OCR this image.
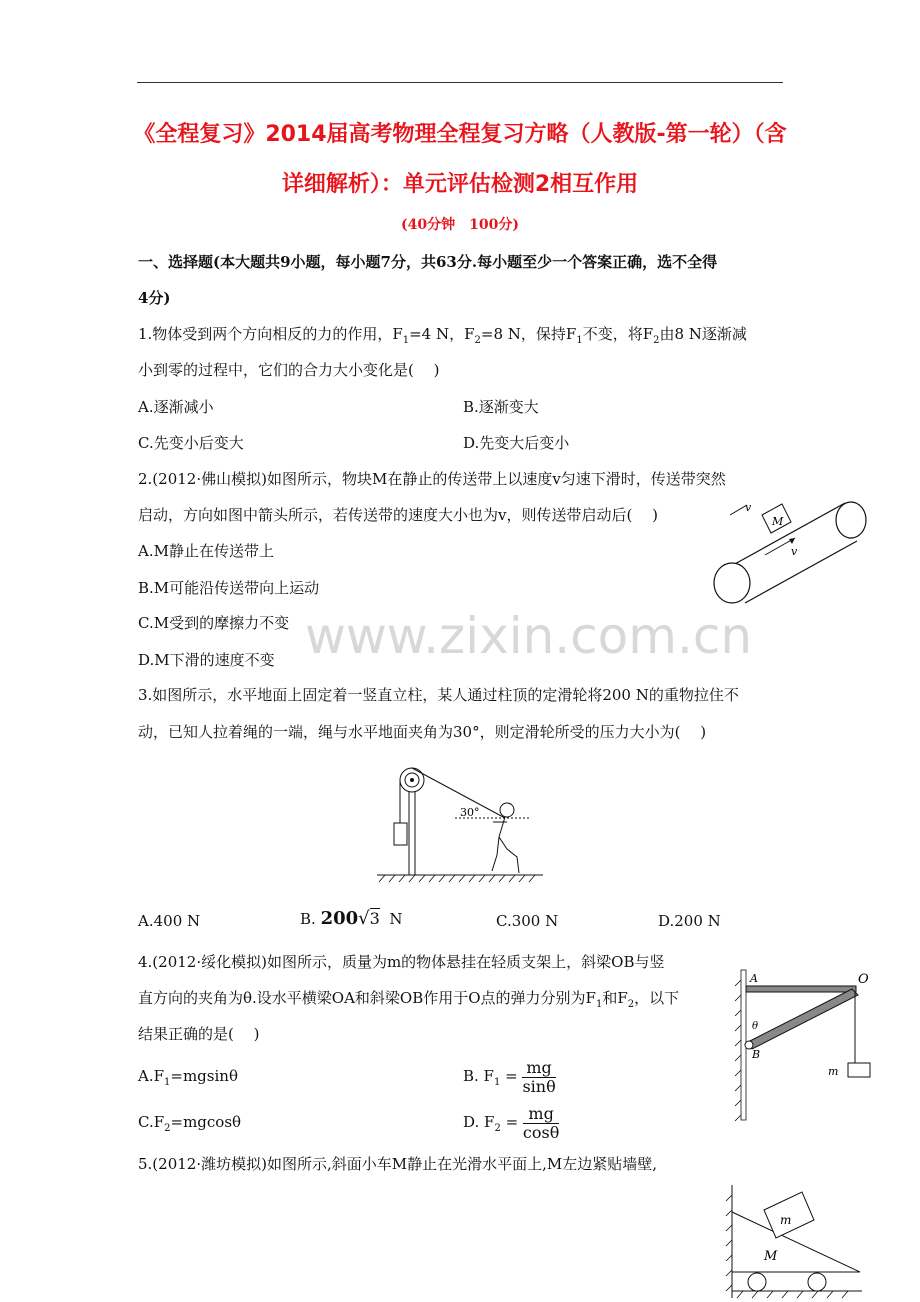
《全程复习》2014届高考物理全程复习方略（人教版-第一轮）（含
详细解析）：单元评估检测2相互作用
(40分钟　100分)
www.zixin.com.cn
一、选择题(本大题共9小题，每小题7分，共63分.每小题至少一个答案正确，选不全得
4分)
1.物体受到两个方向相反的力的作用，$F_1=4$ N，$F_2=8$ N，保持$F_1$不变，将$F_2$由8 N逐渐减
小到零的过程中，它们的合力大小变化是(　 )
A.逐渐减小	B.逐渐变大
C.先变小后变大	D.先变大后变小
2.(2012·佛山模拟)如图所示，物块M在静止的传送带上以速度v匀速下滑时，传送带突然
启动，方向如图中箭头所示，若传送带的速度大小也为v，则传送带启动后(　 )
A.M静止在传送带上
B.M可能沿传送带向上运动
C.M受到的摩擦力不变
D.M下滑的速度不变
M
v
v
3.如图所示，水平地面上固定着一竖直立柱，某人通过柱顶的定滑轮将200 N的重物拉住不
动，已知人拉着绳的一端，绳与水平地面夹角为30°，则定滑轮所受的压力大小为(　 )
30°
A.400 N	B. 200√3 N	C.300 N	D.200 N
4.(2012·绥化模拟)如图所示，质量为m的物体悬挂在轻质支架上，斜梁OB与竖
直方向的夹角为θ.设水平横梁OA和斜梁OB作用于O点的弹力分别为$F_1$和$F_2$，以下
结果正确的是(　 )
A	O
B
θ
m
$A.F_1=mgsin\theta$	B. $F_1 = \frac{mg}{\sin\theta}$
$C.F_2=mgcos\theta$	D. $F_2 = \frac{mg}{\cos\theta}$
5.(2012·潍坊模拟)如图所示,斜面小车M静止在光滑水平面上,M左边紧贴墙壁,
m
M
